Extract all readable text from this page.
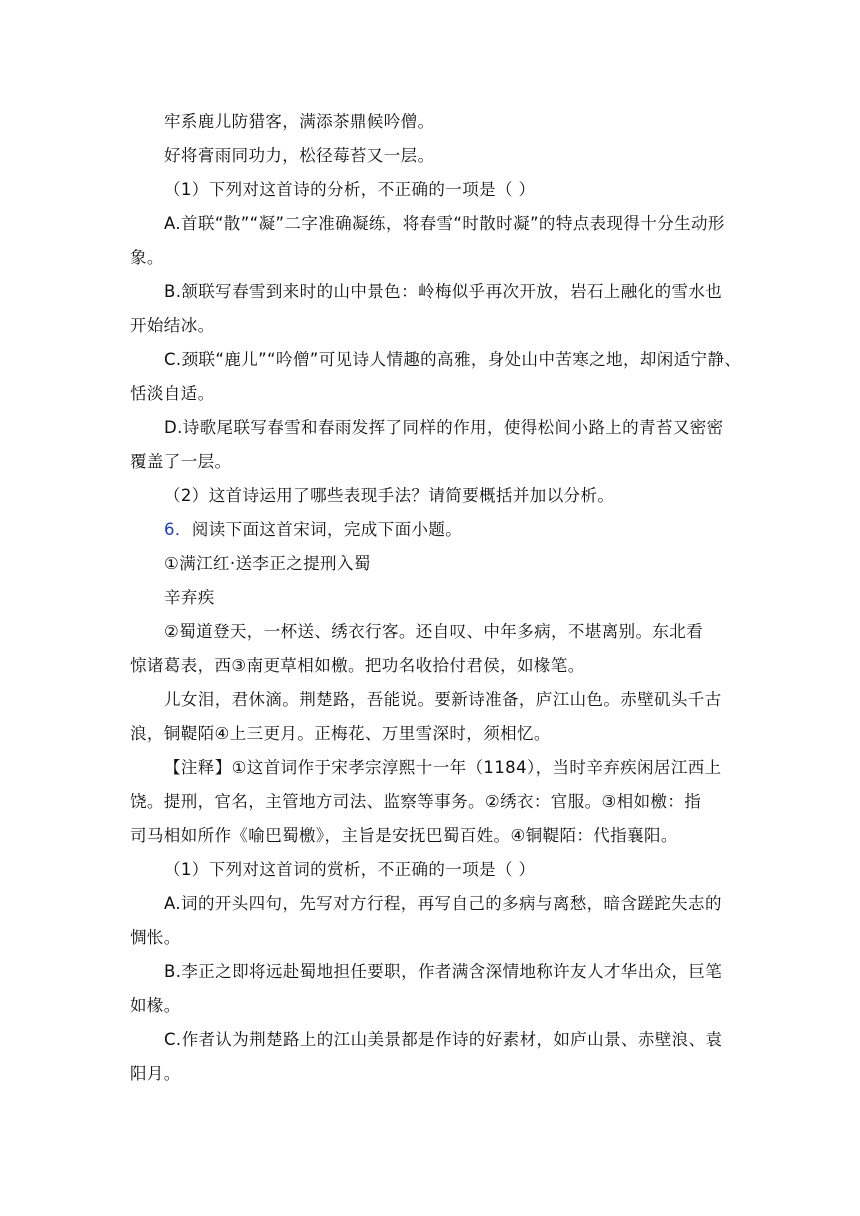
牢系鹿儿防猎客，满添茶鼎候吟僧。
好将膏雨同功力，松径莓苔又一层。
（1）下列对这首诗的分析，不正确的一项是（ ）
A.首联“散”“凝”二字准确凝练，将春雪“时散时凝”的特点表现得十分生动形
象。
B.颔联写春雪到来时的山中景色：岭梅似乎再次开放，岩石上融化的雪水也
开始结冰。
C.颈联“鹿儿”“吟僧”可见诗人情趣的高雅，身处山中苦寒之地，却闲适宁静、
恬淡自适。
D.诗歌尾联写春雪和春雨发挥了同样的作用，使得松间小路上的青苔又密密
覆盖了一层。
（2）这首诗运用了哪些表现手法？请简要概括并加以分析。
6．阅读下面这首宋词，完成下面小题。
①满江红·送李正之提刑入蜀
辛弃疾
②蜀道登天，一杯送、绣衣行客。还自叹、中年多病，不堪离别。东北看
惊诸葛表，西③南更草相如檄。把功名收拾付君侯，如椽笔。
儿女泪，君休滴。荆楚路，吾能说。要新诗准备，庐江山色。赤壁矶头千古
浪，铜鞮陌④上三更月。正梅花、万里雪深时，须相忆。
【注释】①这首词作于宋孝宗淳熙十一年（1184），当时辛弃疾闲居江西上
饶。提刑，官名，主管地方司法、监察等事务。②绣衣：官服。③相如檄：指
司马相如所作《喻巴蜀檄》，主旨是安抚巴蜀百姓。④铜鞮陌：代指襄阳。
（1）下列对这首词的赏析，不正确的一项是（ ）
A.词的开头四句，先写对方行程，再写自己的多病与离愁，暗含蹉跎失志的
惆怅。
B.李正之即将远赴蜀地担任要职，作者满含深情地称许友人才华出众，巨笔
如椽。
C.作者认为荆楚路上的江山美景都是作诗的好素材，如庐山景、赤壁浪、袁
阳月。
